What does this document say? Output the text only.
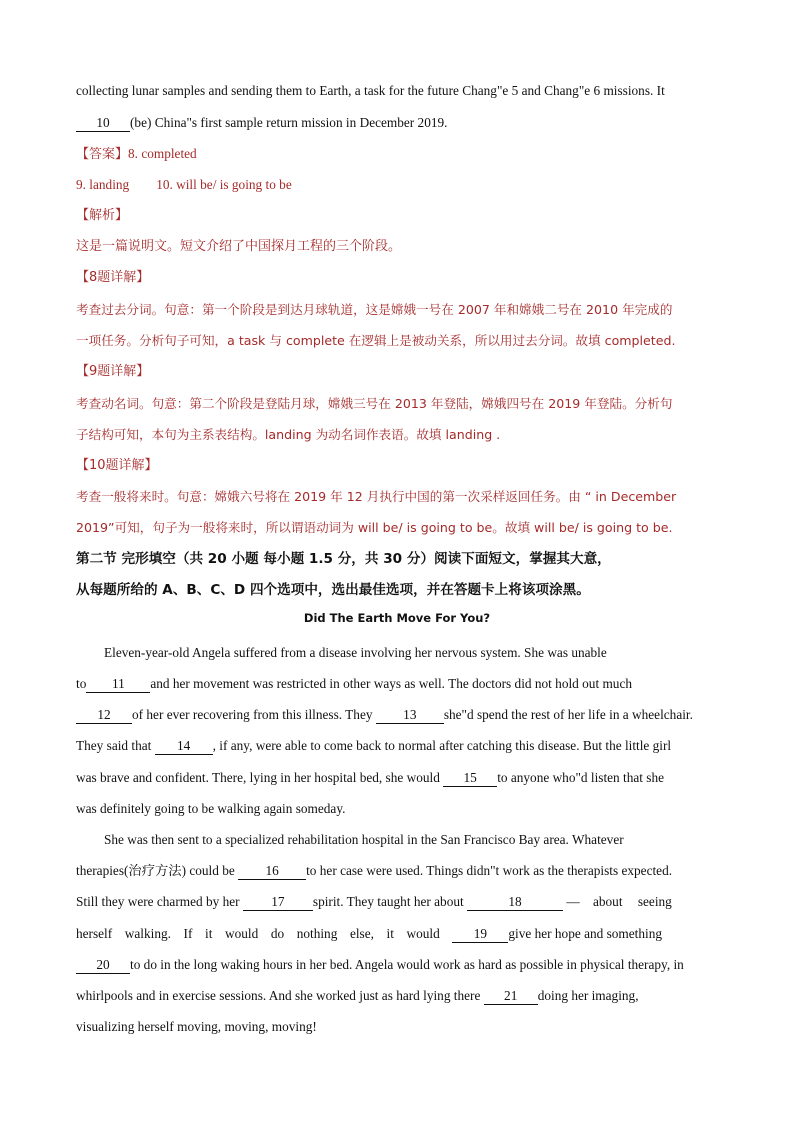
collecting lunar samples and sending them to Earth, a task for the future Chang"e 5 and Chang"e 6 missions. It
10 (be) China"s first sample return mission in December 2019.
【答案】8. completed
9. landing 10. will be/ is going to be
【解析】
这是一篇说明文。短文介绍了中国探月工程的三个阶段。
【8题详解】
考查过去分词。句意：第一个阶段是到达月球轨道，这是嫦娥一号在 2007 年和嫦娥二号在 2010 年完成的
一项任务。分析句子可知，a task 与 complete 在逻辑上是被动关系，所以用过去分词。故填 completed.
【9题详解】
考查动名词。句意：第二个阶段是登陆月球，嫦娥三号在 2013 年登陆，嫦娥四号在 2019 年登陆。分析句
子结构可知，本句为主系表结构。landing 为动名词作表语。故填 landing .
【10题详解】
考查一般将来时。句意：嫦娥六号将在 2019 年 12 月执行中国的第一次采样返回任务。由 “ in December
2019”可知，句子为一般将来时，所以谓语动词为 will be/ is going to be。故填 will be/ is going to be.
第二节 完形填空（共 20 小题 每小题 1.5 分，共 30 分）阅读下面短文，掌握其大意，
从每题所给的 A、B、C、D 四个选项中，选出最佳选项，并在答题卡上将该项涂黑。
Did The Earth Move For You?
Eleven-year-old Angela suffered from a disease involving her nervous system. She was unable
to 11 and her movement was restricted in other ways as well. The doctors did not hold out much
12 of her ever recovering from this illness. They 13 she"d spend the rest of her life in a wheelchair.
They said that 14 , if any, were able to come back to normal after catching this disease. But the little girl
was brave and confident. There, lying in her hospital bed, she would 15 to anyone who"d listen that she
was definitely going to be walking again someday.
She was then sent to a specialized rehabilitation hospital in the San Francisco Bay area. Whatever
therapies(治疗方法) could be 16 to her case were used. Things didn"t work as the therapists expected.
Still they were charmed by her 17 spirit. They taught her about	18	— about seeing
herself walking. If it would do nothing else, it would	19 give her hope and something
20 to do in the long waking hours in her bed. Angela would work as hard as possible in physical therapy, in
whirlpools and in exercise sessions. And she worked just as hard lying there 21 doing her imaging,
visualizing herself moving, moving, moving!
